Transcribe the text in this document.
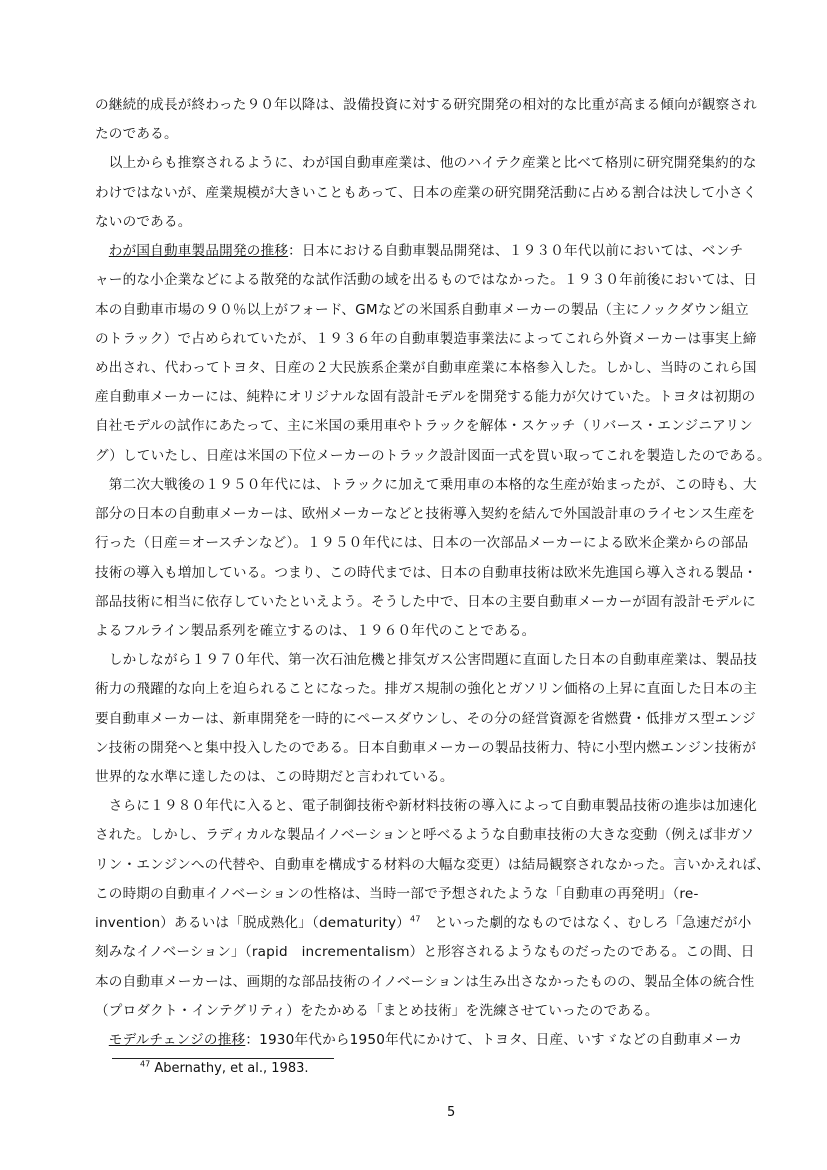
の継続的成長が終わった９０年以降は、設備投資に対する研究開発の相対的な比重が高まる傾向が観察され
たのである。
　以上からも推察されるように、わが国自動車産業は、他のハイテク産業と比べて格別に研究開発集約的な
わけではないが、産業規模が大きいこともあって、日本の産業の研究開発活動に占める割合は決して小さく
ないのである。
　わが国自動車製品開発の推移：日本における自動車製品開発は、１９３０年代以前においては、ベンチ
ャー的な小企業などによる散発的な試作活動の域を出るものではなかった。１９３０年前後においては、日
本の自動車市場の９０％以上がフォード、GMなどの米国系自動車メーカーの製品（主にノックダウン組立
のトラック）で占められていたが、１９３６年の自動車製造事業法によってこれら外資メーカーは事実上締
め出され、代わってトヨタ、日産の２大民族系企業が自動車産業に本格参入した。しかし、当時のこれら国
産自動車メーカーには、純粋にオリジナルな固有設計モデルを開発する能力が欠けていた。トヨタは初期の
自社モデルの試作にあたって、主に米国の乗用車やトラックを解体・スケッチ（リバース・エンジニアリン
グ）していたし、日産は米国の下位メーカーのトラック設計図面一式を買い取ってこれを製造したのである。
　第二次大戦後の１９５０年代には、トラックに加えて乗用車の本格的な生産が始まったが、この時も、大
部分の日本の自動車メーカーは、欧州メーカーなどと技術導入契約を結んで外国設計車のライセンス生産を
行った（日産＝オースチンなど）。１９５０年代には、日本の一次部品メーカーによる欧米企業からの部品
技術の導入も増加している。つまり、この時代までは、日本の自動車技術は欧米先進国ら導入される製品・
部品技術に相当に依存していたといえよう。そうした中で、日本の主要自動車メーカーが固有設計モデルに
よるフルライン製品系列を確立するのは、１９６０年代のことである。
　しかしながら１９７０年代、第一次石油危機と排気ガス公害問題に直面した日本の自動車産業は、製品技
術力の飛躍的な向上を迫られることになった。排ガス規制の強化とガソリン価格の上昇に直面した日本の主
要自動車メーカーは、新車開発を一時的にペースダウンし、その分の経営資源を省燃費・低排ガス型エンジ
ン技術の開発へと集中投入したのである。日本自動車メーカーの製品技術力、特に小型内燃エンジン技術が
世界的な水準に達したのは、この時期だと言われている。
　さらに１９８０年代に入ると、電子制御技術や新材料技術の導入によって自動車製品技術の進歩は加速化
された。しかし、ラディカルな製品イノベーションと呼べるような自動車技術の大きな変動（例えば非ガソ
リン・エンジンへの代替や、自動車を構成する材料の大幅な変更）は結局観察されなかった。言いかえれば、
この時期の自動車イノベーションの性格は、当時一部で予想されたような「自動車の再発明」（re-
invention）あるいは「脱成熟化」（dematurity）$^{47}$　といった劇的なものではなく、むしろ「急速だが小
刻みなイノベーション」（rapid　incrementalism）と形容されるようなものだったのである。この間、日
本の自動車メーカーは、画期的な部品技術のイノベーションは生み出さなかったものの、製品全体の統合性
$^{47}$ Abernathy, et al., 1983.
5
　モデルチェンジの推移：1930年代から1950年代にかけて、トヨタ、日産、いすゞなどの自動車メーカ
（プロダクト・インテグリティ）をたかめる「まとめ技術」を洗練させていったのである。
